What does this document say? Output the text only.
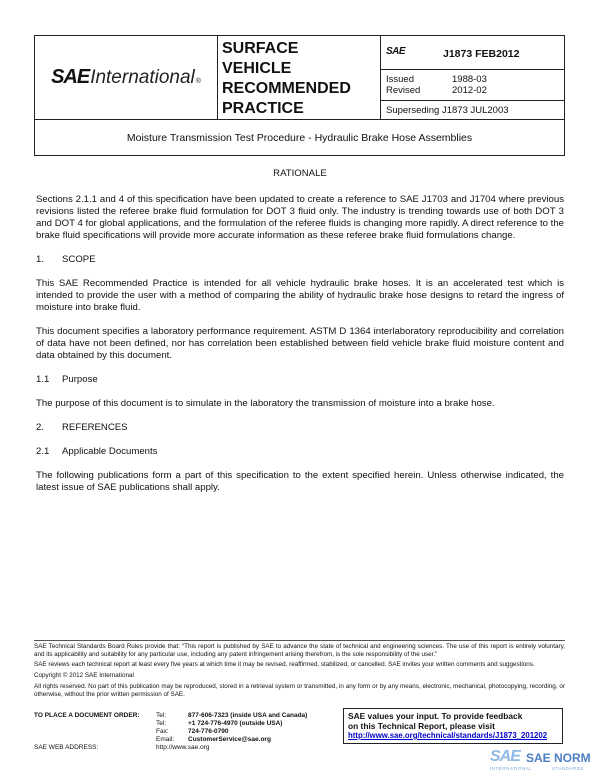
SAE International ®
SURFACE
VEHICLE
RECOMMENDED
PRACTICE
SAE	J1873 FEB2012
Issued	1988-03
Revised	2012-02
Superseding J1873 JUL2003
Moisture Transmission Test Procedure - Hydraulic Brake Hose Assemblies
RATIONALE

Sections 2.1.1 and 4 of this specification have been updated to create a reference to SAE J1703 and J1704 where previous revisions listed the referee brake fluid formulation for DOT 3 fluid only. The industry is trending towards use of both DOT 3 and DOT 4 for global applications, and the formulation of the referee fluids is changing more rapidly. A direct reference to the brake fluid specifications will provide more accurate information as these referee brake fluid formulations change.

1. SCOPE

This SAE Recommended Practice is intended for all vehicle hydraulic brake hoses. It is an accelerated test which is intended to provide the user with a method of comparing the ability of hydraulic brake hose designs to retard the ingress of moisture into brake fluid.

This document specifies a laboratory performance requirement. ASTM D 1364 interlaboratory reproducibility and correlation of data have not been defined, nor has correlation been established between field vehicle brake fluid moisture content and data obtained by this document.

1.1 Purpose

The purpose of this document is to simulate in the laboratory the transmission of moisture into a brake hose.

2. REFERENCES
2.1 Applicable Documents

The following publications form a part of this specification to the extent specified herein. Unless otherwise indicated, the latest issue of SAE publications shall apply.

SAE Technical Standards Board Rules provide that: “This report is published by SAE to advance the state of technical and engineering sciences. The use of this report is entirely voluntary, and its applicability and suitability for any particular use, including any patent infringement arising therefrom, is the sole responsibility of the user.”

SAE reviews each technical report at least every five years at which time it may be revised, reaffirmed, stabilized, or cancelled. SAE invites your written comments and suggestions.

Copyright © 2012 SAE International

All rights reserved. No part of this publication may be reproduced, stored in a retrieval system or transmitted, in any form or by any means, electronic, mechanical, photocopying, recording, or otherwise, without the prior written permission of SAE.

TO PLACE A DOCUMENT ORDER:	Tel:	877-606-7323 (inside USA and Canada)
Tel:	+1 724-776-4970 (outside USA)
Fax:	724-776-0790
Email: CustomerService@sae.org
SAE WEB ADDRESS:	http://www.sae.org
SAE values your input. To provide feedback
on this Technical Report, please visit
http://www.sae.org/technical/standards/J1873_201202
SAE SAE NORM
INTERNATIONAL	STANDARDS
